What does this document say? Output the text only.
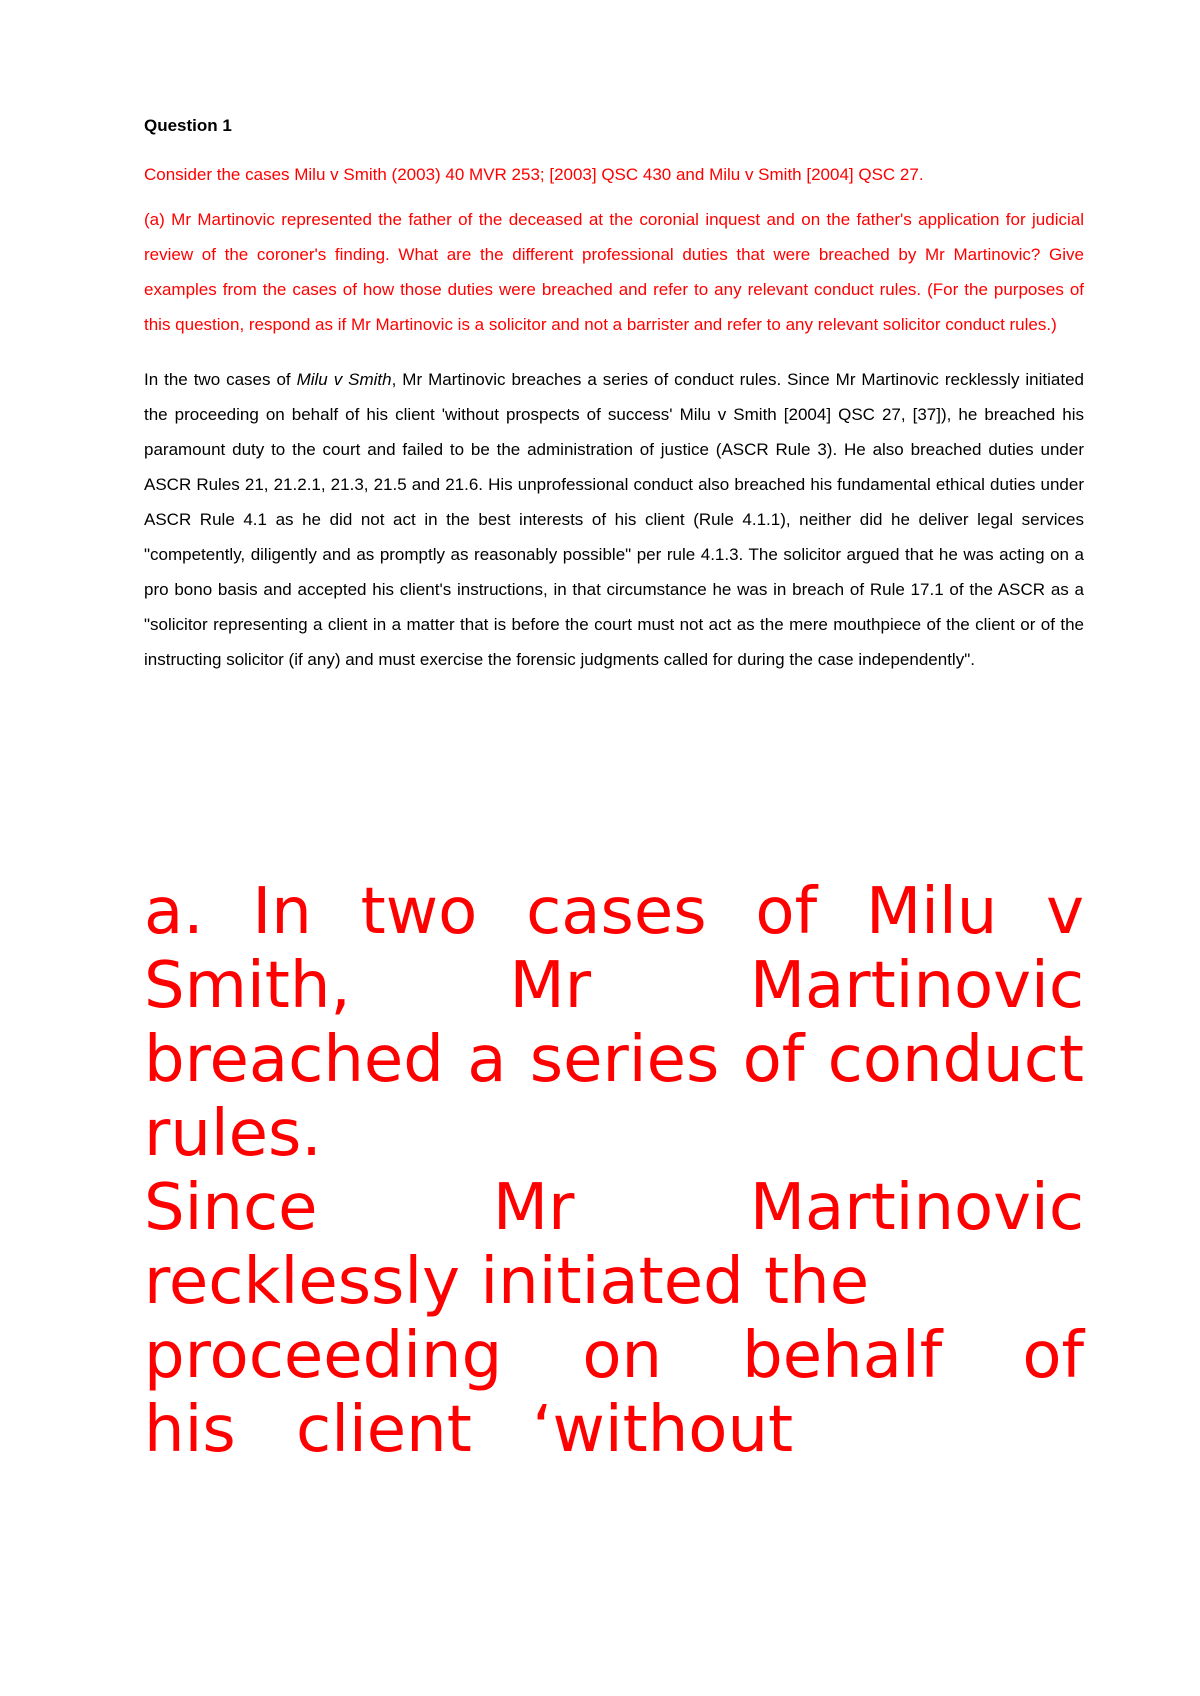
Question 1

Consider the cases Milu v Smith (2003) 40 MVR 253; [2003] QSC 430 and Milu v Smith [2004] QSC 27.

(a) Mr Martinovic represented the father of the deceased at the coronial inquest and on the father's application for judicial review of the coroner's finding. What are the different professional duties that were breached by Mr Martinovic? Give examples from the cases of how those duties were breached and refer to any relevant conduct rules. (For the purposes of this question, respond as if Mr Martinovic is a solicitor and not a barrister and refer to any relevant solicitor conduct rules.)

In the two cases of Milu v Smith, Mr Martinovic breaches a series of conduct rules. Since Mr Martinovic recklessly initiated the proceeding on behalf of his client 'without prospects of success' Milu v Smith [2004] QSC 27, [37]), he breached his paramount duty to the court and failed to be the administration of justice (ASCR Rule 3). He also breached duties under ASCR Rules 21, 21.2.1, 21.3, 21.5 and 21.6. His unprofessional conduct also breached his fundamental ethical duties under ASCR Rule 4.1 as he did not act in the best interests of his client (Rule 4.1.1), neither did he deliver legal services "competently, diligently and as promptly as reasonably possible" per rule 4.1.3. The solicitor argued that he was acting on a pro bono basis and accepted his client's instructions, in that circumstance he was in breach of Rule 17.1 of the ASCR as a "solicitor representing a client in a matter that is before the court must not act as the mere mouthpiece of the client or of the instructing solicitor (if any) and must exercise the forensic judgments called for during the case independently".

a. In two cases of Milu v Smith, Mr Martinovic breached a series of conduct rules.

Since Mr Martinovic
recklessly initiated the
proceeding on behalf of
his client ‘without
